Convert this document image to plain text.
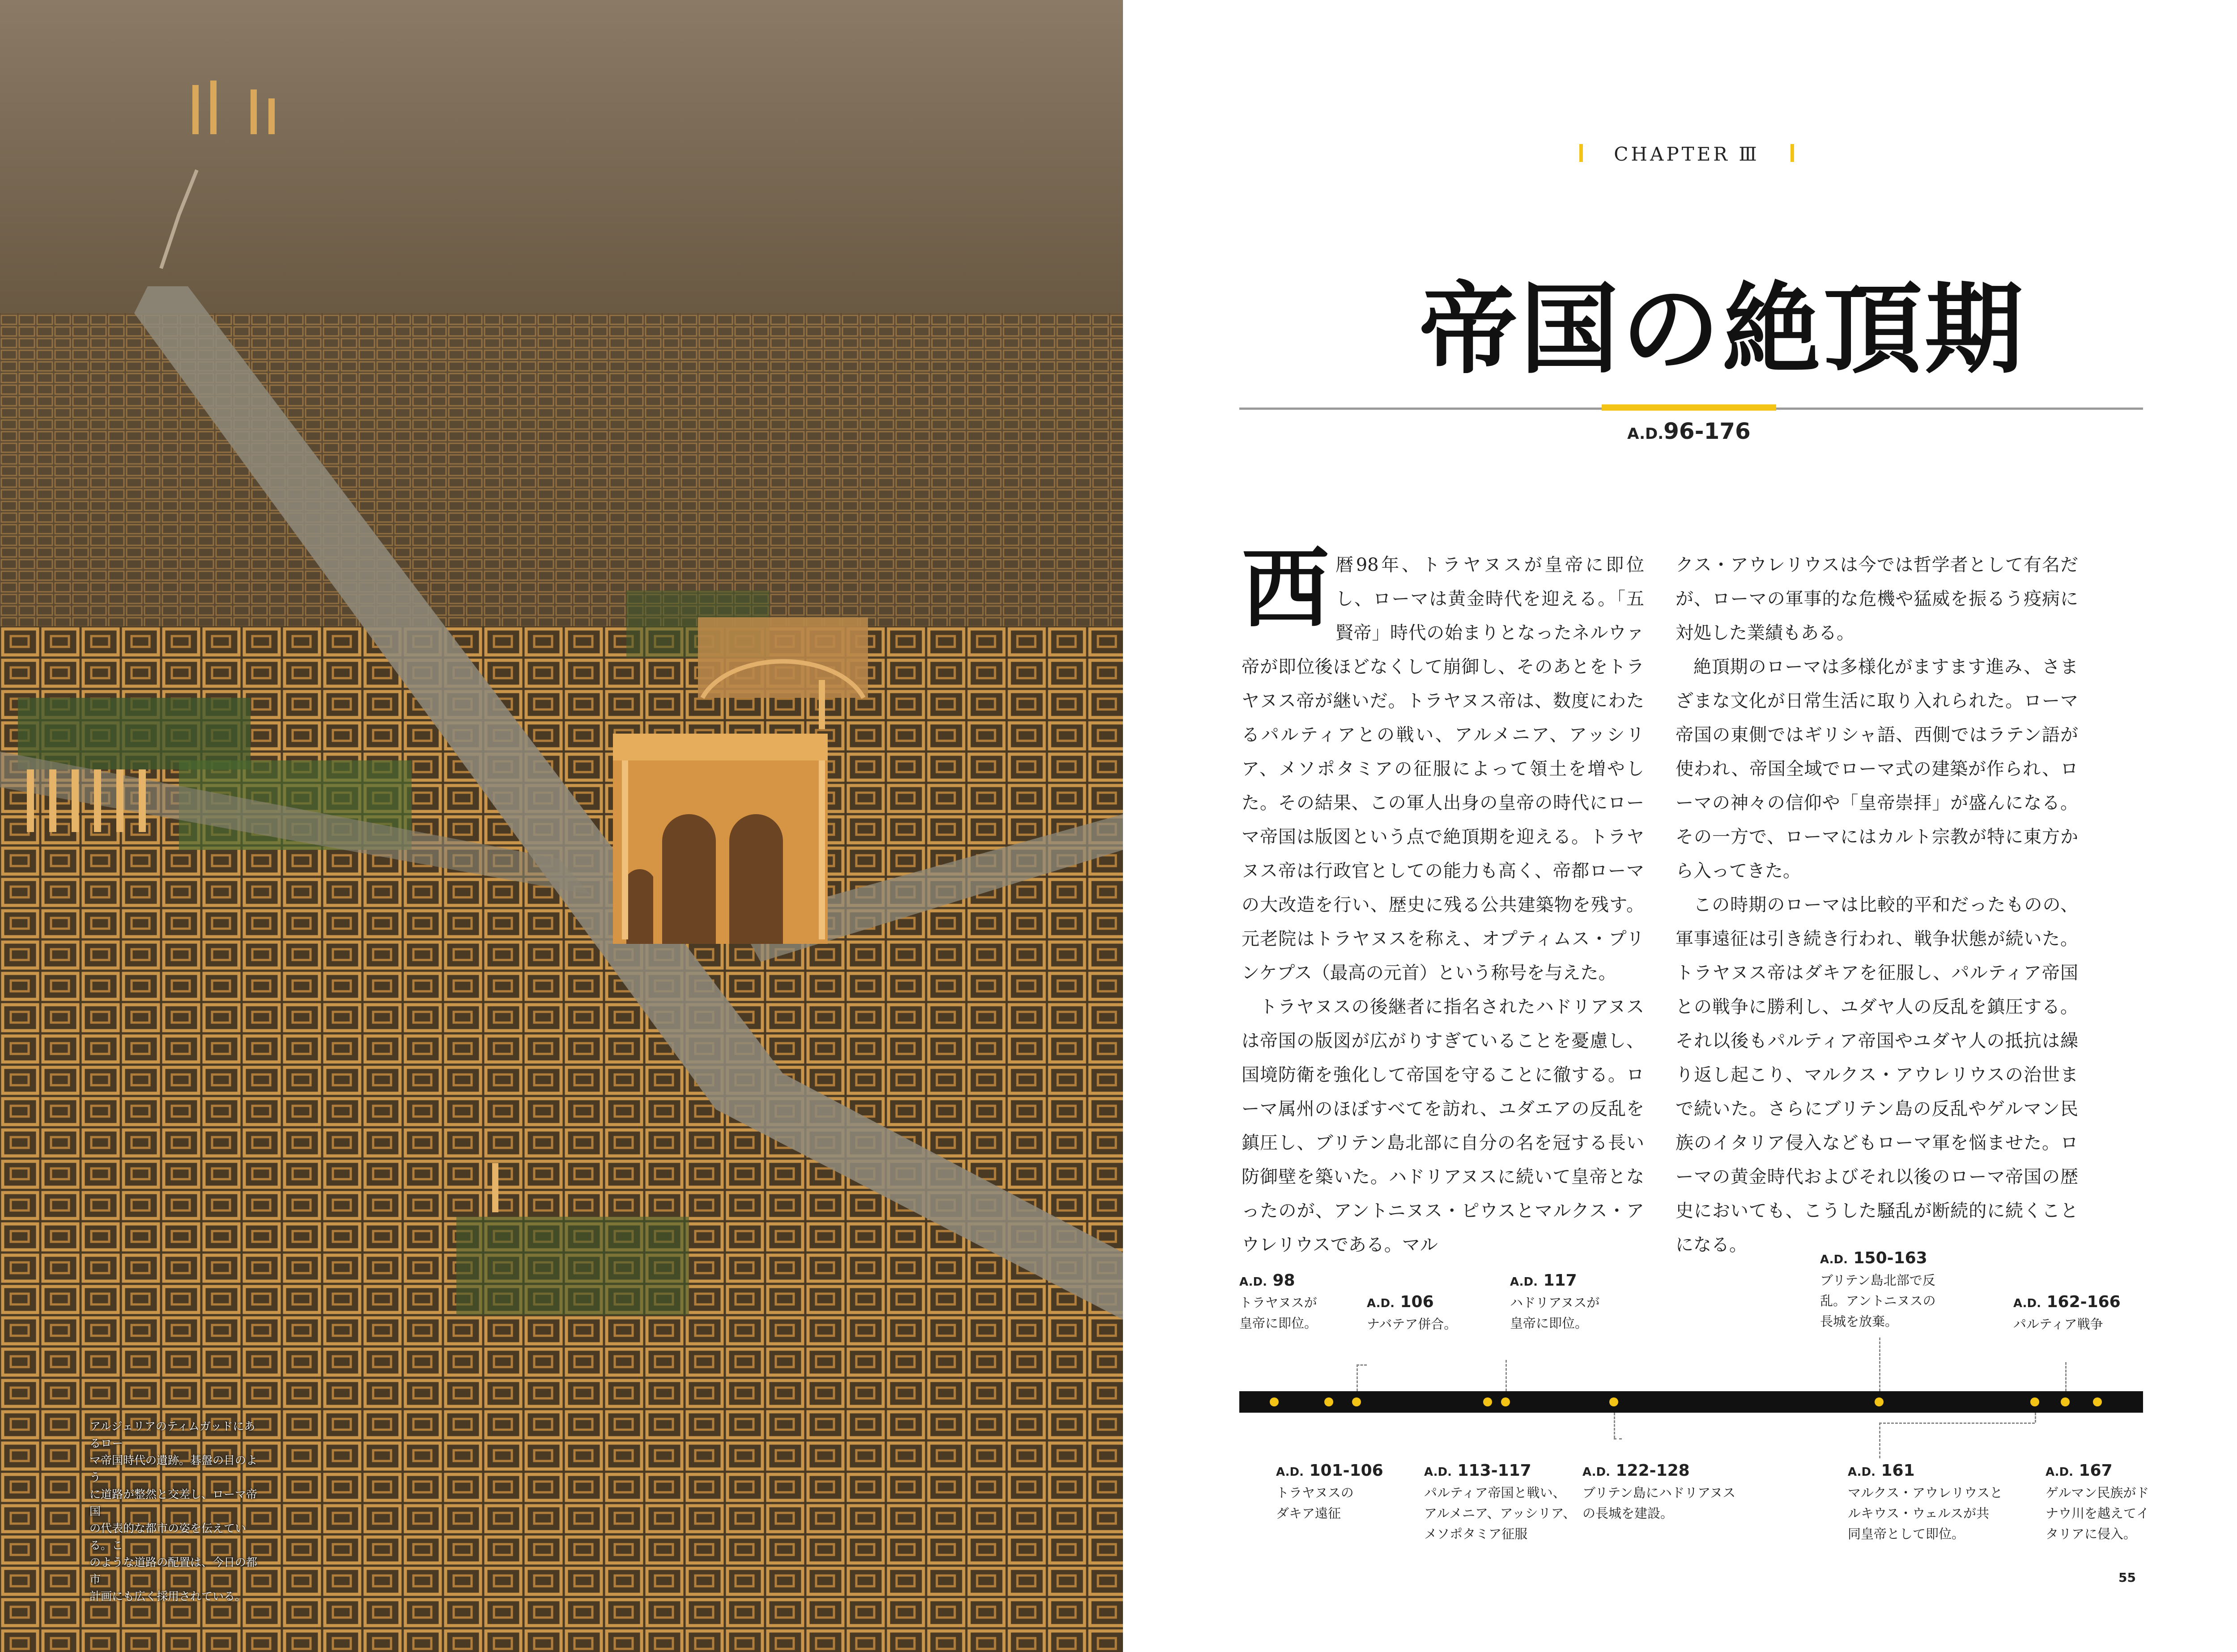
アルジェリアのティムガッドにあるロー
マ帝国時代の遺跡。碁盤の目のよう
に道路が整然と交差し、ローマ帝国
の代表的な都市の姿を伝えている。こ
のような道路の配置は、今日の都市
計画にも広く採用されている。
CHAPTER Ⅲ
帝国の絶頂期
A.D.96-176
西 暦98年、トラヤヌスが皇帝に即位し、ローマは黄金時代を迎える。「五賢帝」時代の始まりとなったネルウァ帝が即位後ほどなくして崩御し、そのあとをトラヤヌス帝が継いだ。トラヤヌス帝は、数度にわたるパルティアとの戦い、アルメニア、アッシリア、メソポタミアの征服によって領土を増やした。その結果、この軍人出身の皇帝の時代にローマ帝国は版図という点で絶頂期を迎える。トラヤヌス帝は行政官としての能力も高く、帝都ローマの大改造を行い、歴史に残る公共建築物を残す。元老院はトラヤヌスを称え、オプティムス・プリンケプス（最高の元首）という称号を与えた。

トラヤヌスの後継者に指名されたハドリアヌスは帝国の版図が広がりすぎていることを憂慮し、国境防衛を強化して帝国を守ることに徹する。ローマ属州のほぼすべてを訪れ、ユダエアの反乱を鎮圧し、ブリテン島北部に自分の名を冠する長い防御壁を築いた。ハドリアヌスに続いて皇帝となったのが、アントニヌス・ピウスとマルクス・アウレリウスである。マル

クス・アウレリウスは今では哲学者として有名だが、ローマの軍事的な危機や猛威を振るう疫病に対処した業績もある。

絶頂期のローマは多様化がますます進み、さまざまな文化が日常生活に取り入れられた。ローマ帝国の東側ではギリシャ語、西側ではラテン語が使われ、帝国全域でローマ式の建築が作られ、ローマの神々の信仰や「皇帝崇拝」が盛んになる。その一方で、ローマにはカルト宗教が特に東方から入ってきた。

この時期のローマは比較的平和だったものの、軍事遠征は引き続き行われ、戦争状態が続いた。トラヤヌス帝はダキアを征服し、パルティア帝国との戦争に勝利し、ユダヤ人の反乱を鎮圧する。それ以後もパルティア帝国やユダヤ人の抵抗は繰り返し起こり、マルクス・アウレリウスの治世まで続いた。さらにブリテン島の反乱やゲルマン民族のイタリア侵入などもローマ軍を悩ませた。ローマの黄金時代およびそれ以後のローマ帝国の歴史においても、こうした騒乱が断続的に続くことになる。

A.D. 98
トラヤヌスが
皇帝に即位。
A.D. 106
ナバテア併合。
A.D. 117
ハドリアヌスが
皇帝に即位。
A.D. 150-163
ブリテン島北部で反
乱。アントニヌスの
長城を放棄。
A.D. 162-166
パルティア戦争
A.D. 101-106
トラヤヌスの
ダキア遠征
A.D. 113-117
パルティア帝国と戦い、
アルメニア、アッシリア、
メソポタミア征服
A.D. 122-128
ブリテン島にハドリアヌス
の長城を建設。
A.D. 161
マルクス・アウレリウスと
ルキウス・ウェルスが共
同皇帝として即位。
A.D. 167
ゲルマン民族がド
ナウ川を越えてイ
タリアに侵入。
55
